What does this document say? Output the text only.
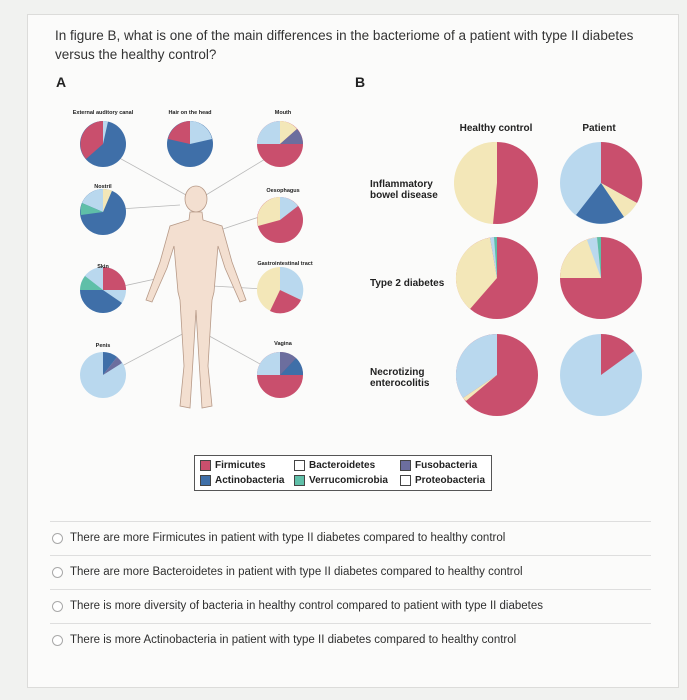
In figure B, what is one of the main differences in the bacteriome of a patient with type II diabetes versus the healthy control?
A	B
External auditory canal	Hair on the head	Mouth
Nostril
Oesophagus
Skin	Gastrointestinal tract
Penis	Vagina
Healthy control	Patient
Inflammatory
bowel disease
Type 2 diabetes
Necrotizing
enterocolitis
Firmicutes	Bacteroidetes	Fusobacteria
Actinobacteria Verrucomicrobia	Proteobacteria
There are more Firmicutes in patient with type II diabetes compared to healthy control
There are more Bacteroidetes in patient with type II diabetes compared to healthy control
There is more diversity of bacteria in healthy control compared to patient with type II diabetes
There is more Actinobacteria in patient with type II diabetes compared to healthy control
